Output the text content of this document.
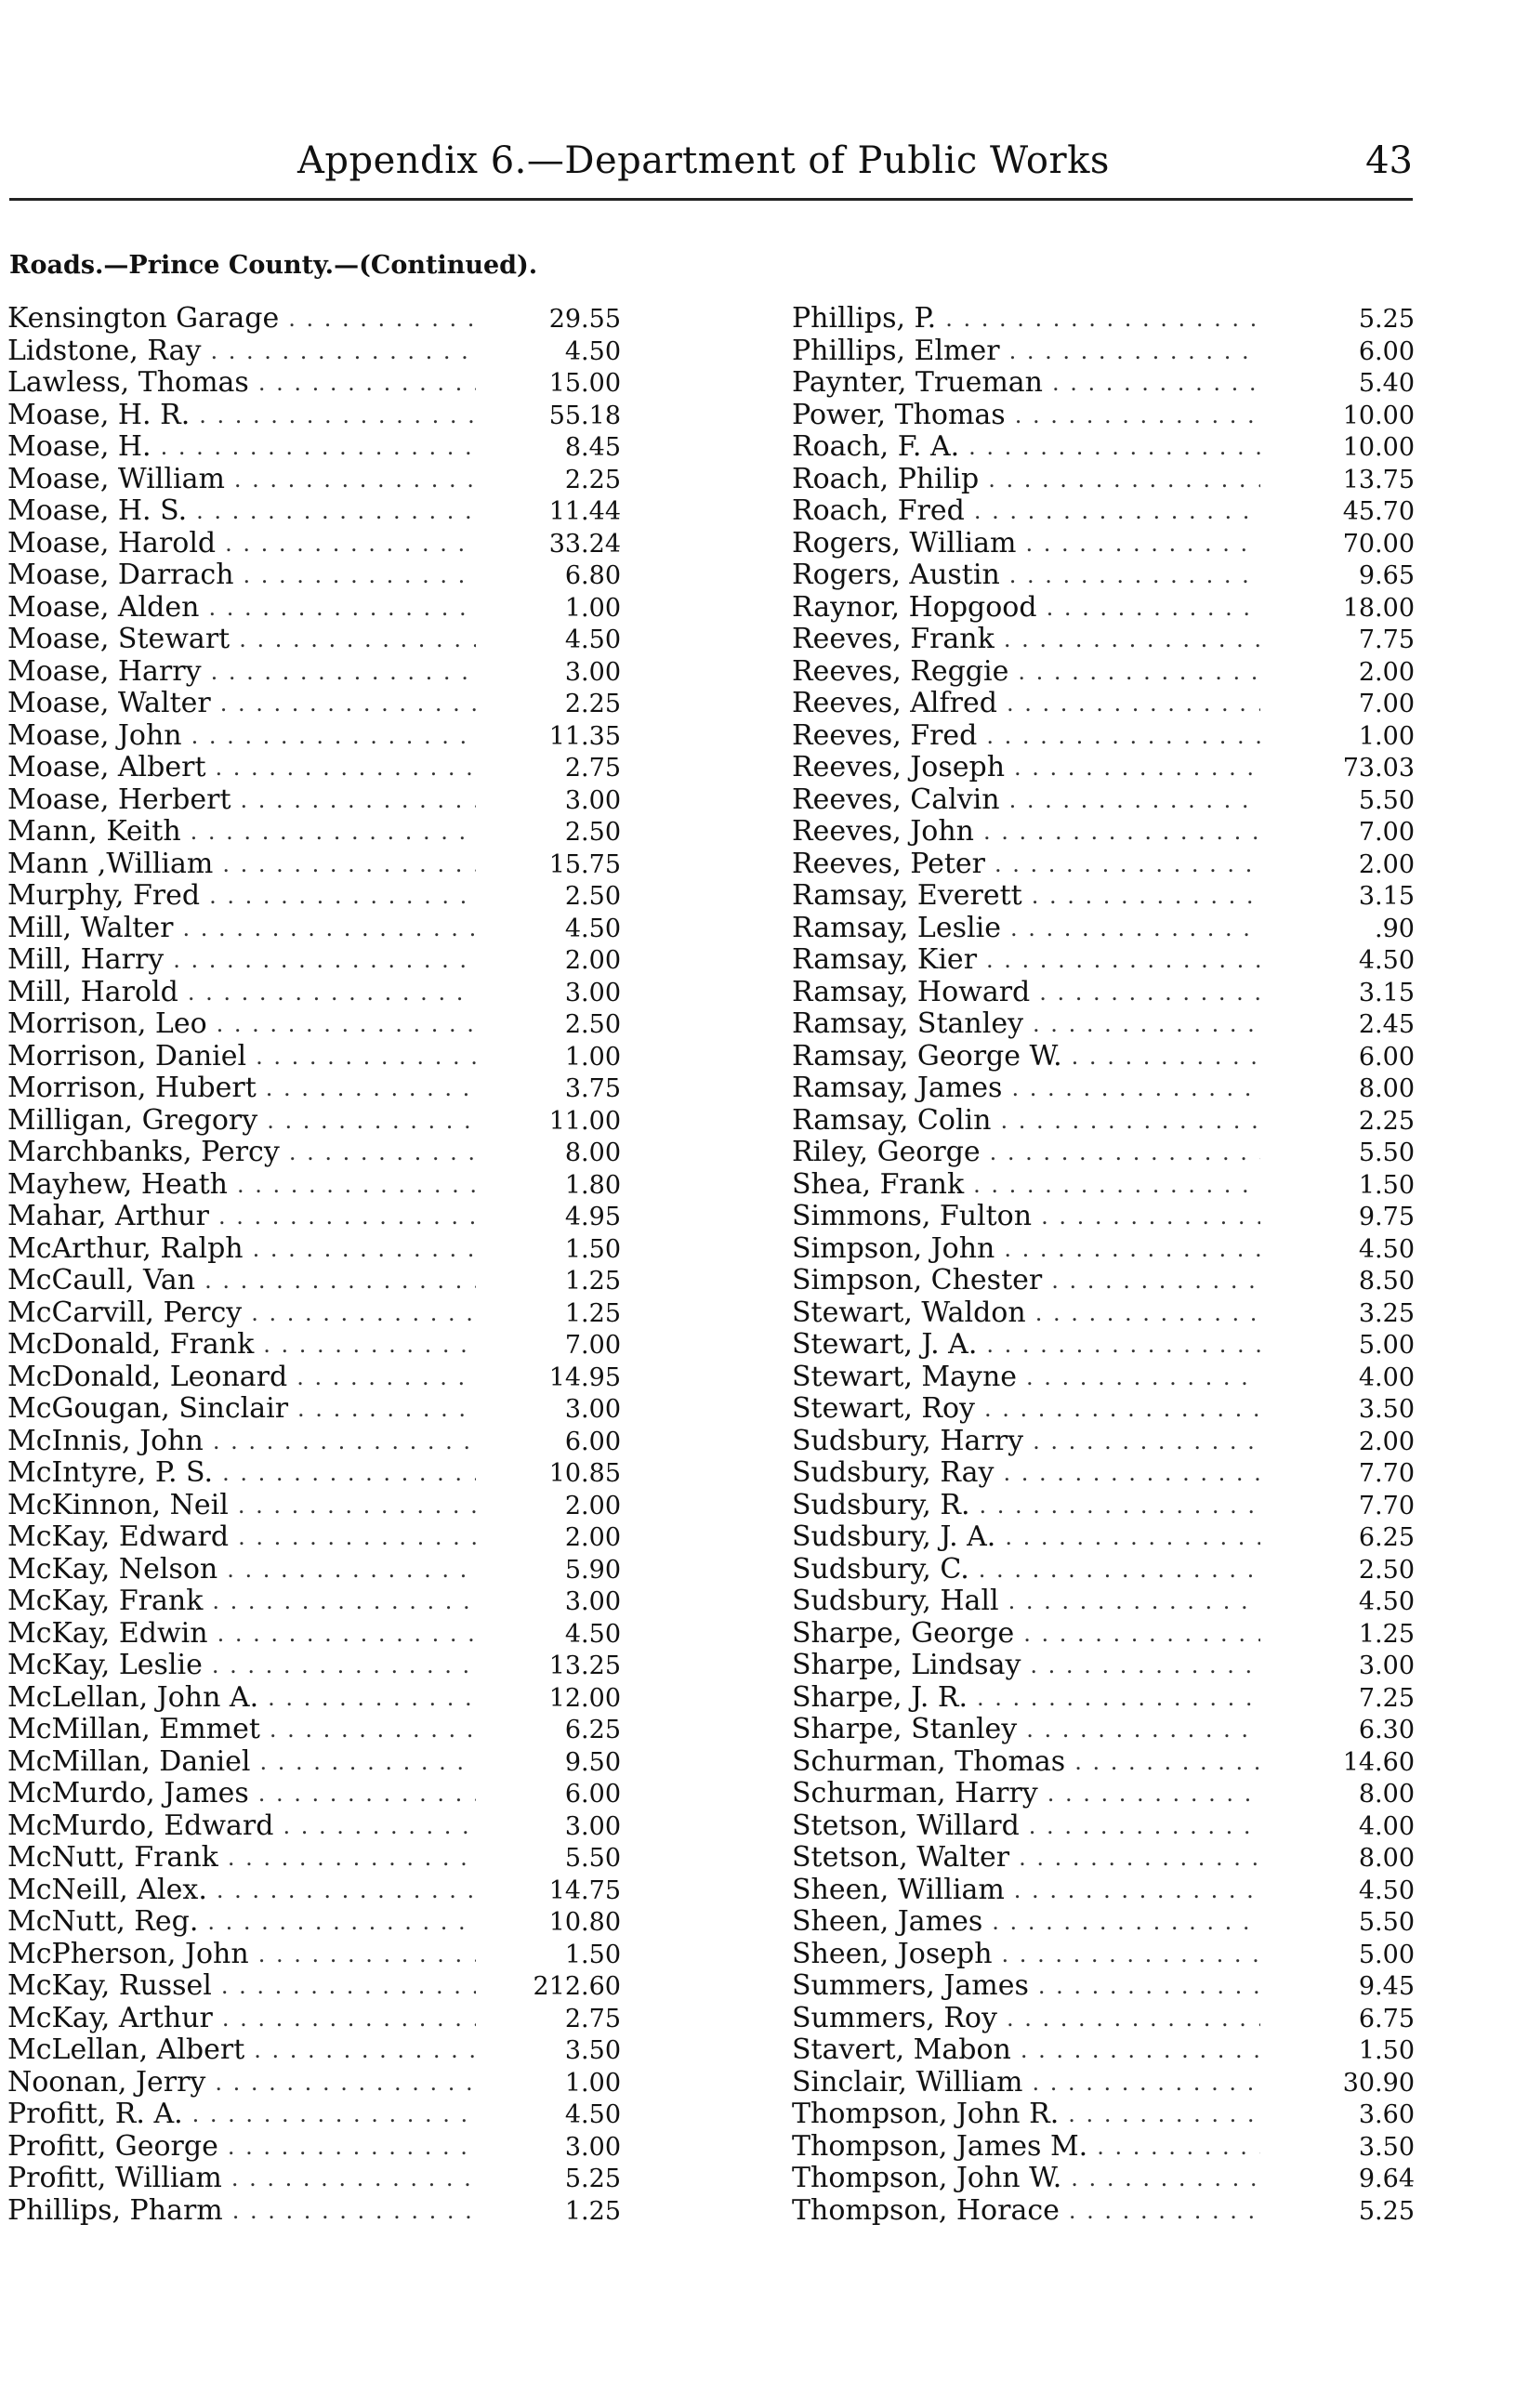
Appendix 6.—Department of Public Works	43
Roads.—Prince County.—(Continued).
Kensington Garage . . .	29.55
Lidstone, Ray . . .	4.50
Lawless, Thomas . . .	15.00
Moase, H. R. . . .	55.18
Moase, H. . . .	8.45
Moase, William . . .	2.25
Moase, H. S. . . .	11.44
Moase, Harold . . .	33.24
Moase, Darrach . . .	6.80
Moase, Alden . . .	1.00
Moase, Stewart . . .	4.50
Moase, Harry . . .	3.00
Moase, Walter . . .	2.25
Moase, John . . .	11.35
Moase, Albert . . .	2.75
Moase, Herbert . . .	3.00
Mann, Keith . . .	2.50
Mann ,William . . .	15.75
Murphy, Fred . . .	2.50
Mill, Walter . . .	4.50
Mill, Harry . . .	2.00
Mill, Harold . . .	3.00
Morrison, Leo . . .	2.50
Morrison, Daniel . . .	1.00
Morrison, Hubert . . .	3.75
Milligan, Gregory . . .	11.00
Marchbanks, Percy . . .	8.00
Mayhew, Heath . . .	1.80
Mahar, Arthur . . .	4.95
McArthur, Ralph . . .	1.50
McCaull, Van . . .	1.25
McCarvill, Percy . . .	1.25
McDonald, Frank . . .	7.00
McDonald, Leonard . . .	14.95
McGougan, Sinclair . . .	3.00
McInnis, John . . .	6.00
McIntyre, P. S. . . .	10.85
McKinnon, Neil . . .	2.00
McKay, Edward . . .	2.00
McKay, Nelson . . .	5.90
McKay, Frank . . .	3.00
McKay, Edwin . . .	4.50
McKay, Leslie . . .	13.25
McLellan, John A. . . .	12.00
McMillan, Emmet . . .	6.25
McMillan, Daniel . . .	9.50
McMurdo, James . . .	6.00
McMurdo, Edward . . .	3.00
McNutt, Frank . . .	5.50
McNeill, Alex. . . .	14.75
McNutt, Reg. . . .	10.80
McPherson, John . . .	1.50
McKay, Russel . . .	212.60
McKay, Arthur . . .	2.75
McLellan, Albert . . .	3.50
Noonan, Jerry . . .	1.00
Profitt, R. A. . . .	4.50
Profitt, George . . .	3.00
Profitt, William . . .	5.25
Phillips, Pharm . . .	1.25
Phillips, P. . . .	5.25
Phillips, Elmer . . .	6.00
Paynter, Trueman . . .	5.40
Power, Thomas . . .	10.00
Roach, F. A. . . .	10.00
Roach, Philip . . .	13.75
Roach, Fred . . .	45.70
Rogers, William . . .	70.00
Rogers, Austin . . .	9.65
Raynor, Hopgood . . .	18.00
Reeves, Frank . . .	7.75
Reeves, Reggie . . .	2.00
Reeves, Alfred . . .	7.00
Reeves, Fred . . .	1.00
Reeves, Joseph . . .	73.03
Reeves, Calvin . . .	5.50
Reeves, John . . .	7.00
Reeves, Peter . . .	2.00
Ramsay, Everett . . .	3.15
Ramsay, Leslie . . .	.90
Ramsay, Kier . . .	4.50
Ramsay, Howard . . .	3.15
Ramsay, Stanley . . .	2.45
Ramsay, George W. . . .	6.00
Ramsay, James . . .	8.00
Ramsay, Colin . . .	2.25
Riley, George . . .	5.50
Shea, Frank . . .	1.50
Simmons, Fulton . . .	9.75
Simpson, John . . .	4.50
Simpson, Chester . . .	8.50
Stewart, Waldon . . .	3.25
Stewart, J. A. . . .	5.00
Stewart, Mayne . . .	4.00
Stewart, Roy . . .	3.50
Sudsbury, Harry . . .	2.00
Sudsbury, Ray . . .	7.70
Sudsbury, R. . . .	7.70
Sudsbury, J. A. . . .	6.25
Sudsbury, C. . . .	2.50
Sudsbury, Hall . . .	4.50
Sharpe, George . . .	1.25
Sharpe, Lindsay . . .	3.00
Sharpe, J. R. . . .	7.25
Sharpe, Stanley . . .	6.30
Schurman, Thomas . . .	14.60
Schurman, Harry . . .	8.00
Stetson, Willard . . .	4.00
Stetson, Walter . . .	8.00
Sheen, William . . .	4.50
Sheen, James . . .	5.50
Sheen, Joseph . . .	5.00
Summers, James . . .	9.45
Summers, Roy . . .	6.75
Stavert, Mabon . . .	1.50
Sinclair, William . . .	30.90
Thompson, John R. . . .	3.60
Thompson, James M. . . .	3.50
Thompson, John W. . . .	9.64
Thompson, Horace . . .	5.25
